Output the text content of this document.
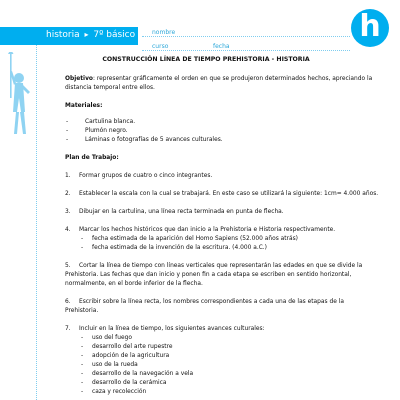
historia ▸ 7º básico	nombre
curso	fecha
h
CONSTRUCCIÓN LÍNEA DE TIEMPO PREHISTORIA - HISTORIA
Objetivo: representar gráficamente el orden en que se produjeron determinados hechos, apreciando la
distancia temporal entre ellos.
Materiales:
-	Cartulina blanca.
-	Plumón negro.
-	Láminas o fotografías de 5 avances culturales.
Plan de Trabajo:
1. Formar grupos de cuatro o cinco integrantes.
2. Establecer la escala con la cual se trabajará. En este caso se utilizará la siguiente: 1cm= 4.000 años.
3. Dibujar en la cartulina, una línea recta terminada en punta de flecha.
4. Marcar los hechos históricos que dan inicio a la Prehistoria e Historia respectivamente.
- fecha estimada de la aparición del Homo Sapiens (52.000 años atrás)
- fecha estimada de la invención de la escritura. (4.000 a.C.)
5. Cortar la línea de tiempo con líneas verticales que representarán las edades en que se divide la
Prehistoria. Las fechas que dan inicio y ponen fin a cada etapa se escriben en sentido horizontal,
normalmente, en el borde inferior de la flecha.
6. Escribir sobre la línea recta, los nombres correspondientes a cada una de las etapas de la
Prehistoria.
7. Incluir en la línea de tiempo, los siguientes avances culturales:
- uso del fuego
- desarrollo del arte rupestre
- adopción de la agricultura
- uso de la rueda
- desarrollo de la navegación a vela
- desarrollo de la cerámica
- caza y recolección
